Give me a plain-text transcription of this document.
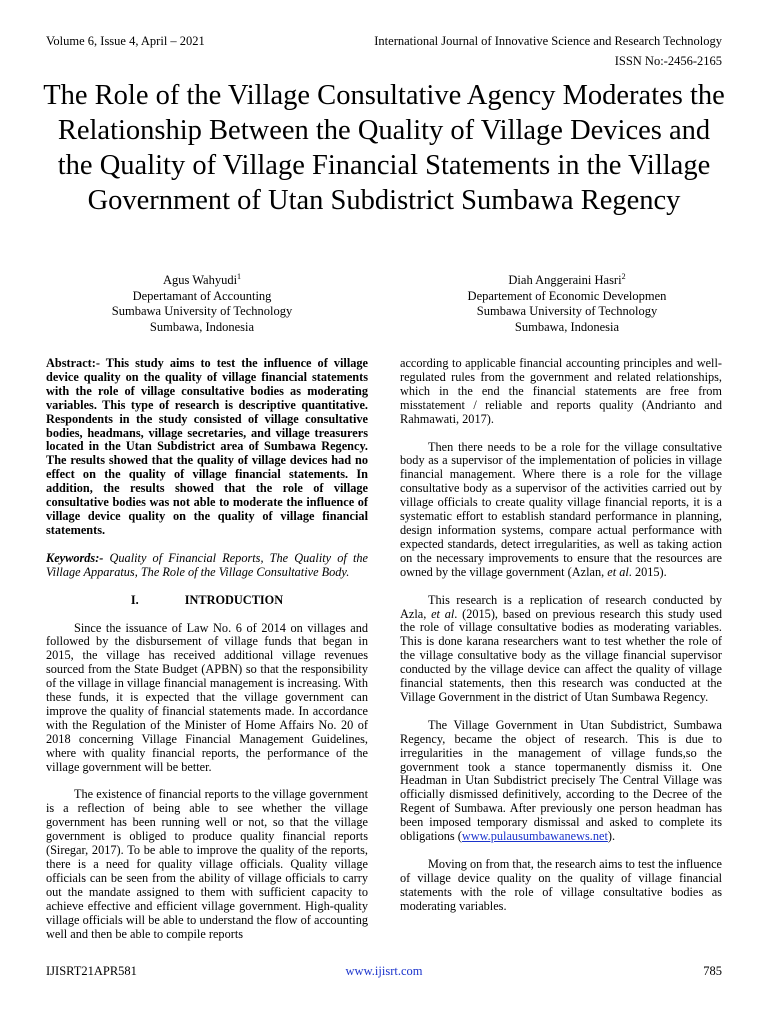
Volume 6, Issue 4, April – 2021	International Journal of Innovative Science and Research Technology
ISSN No:-2456-2165
The Role of the Village Consultative Agency Moderates the Relationship Between the Quality of Village Devices and the Quality of Village Financial Statements in the Village Government of Utan Subdistrict Sumbawa Regency
Agus Wahyudi$^1$
Depertamant of Accounting
Sumbawa University of Technology
Sumbawa, Indonesia
Diah Anggeraini Hasri$^2$
Departement of Economic Developmen
Sumbawa University of Technology
Sumbawa, Indonesia

Abstract:- This study aims to test the influence of village device quality on the quality of village financial statements with the role of village consultative bodies as moderating variables. This type of research is descriptive quantitative. Respondents in the study consisted of village consultative bodies, headmans, village secretaries, and village treasurers located in the Utan Subdistrict area of Sumbawa Regency. The results showed that the quality of village devices had no effect on the quality of village financial statements. In addition, the results showed that the role of village consultative bodies was not able to moderate the influence of village device quality on the quality of village financial statements.

Keywords:- Quality of Financial Reports, The Quality of the Village Apparatus, The Role of the Village Consultative Body.

I.	INTRODUCTION

Since the issuance of Law No. 6 of 2014 on villages and followed by the disbursement of village funds that began in 2015, the village has received additional village revenues sourced from the State Budget (APBN) so that the responsibility of the village in village financial management is increasing. With these funds, it is expected that the village government can improve the quality of financial statements made. In accordance with the Regulation of the Minister of Home Affairs No. 20 of 2018 concerning Village Financial Management Guidelines, where with quality financial reports, the performance of the village government will be better.

The existence of financial reports to the village government is a reflection of being able to see whether the village government has been running well or not, so that the village government is obliged to produce quality financial reports (Siregar, 2017). To be able to improve the quality of the reports, there is a need for quality village officials. Quality village officials can be seen from the ability of village officials to carry out the mandate assigned to them with sufficient capacity to achieve effective and efficient village government. High-quality village officials will be able to understand the flow of accounting well and then be able to compile reports

according to applicable financial accounting principles and well-regulated rules from the government and related relationships, which in the end the financial statements are free from misstatement / reliable and reports quality (Andrianto and Rahmawati, 2017).

Then there needs to be a role for the village consultative body as a supervisor of the implementation of policies in village financial management. Where there is a role for the village consultative body as a supervisor of the activities carried out by village officials to create quality village financial reports, it is a systematic effort to establish standard performance in planning, design information systems, compare actual performance with expected standards, detect irregularities, as well as taking action on the necessary improvements to ensure that the resources are owned by the village government (Azlan, et al. 2015).

This research is a replication of research conducted by Azla, et al. (2015), based on previous research this study used the role of village consultative bodies as moderating variables. This is done karana researchers want to test whether the role of the village consultative body as the village financial supervisor conducted by the village device can affect the quality of village financial statements, then this research was conducted at the Village Government in the district of Utan Sumbawa Regency.

The Village Government in Utan Subdistrict, Sumbawa Regency, became the object of research. This is due to irregularities in the management of village funds,so the government took a stance topermanently dismiss it. One Headman in Utan Subdistrict precisely The Central Village was officially dismissed definitively, according to the Decree of the Regent of Sumbawa. After previously one person headman has been imposed temporary dismissal and asked to complete its obligations (www.pulausumbawanews.net).

Moving on from that, the research aims to test the influence of village device quality on the quality of village financial statements with the role of village consultative bodies as moderating variables.

IJISRT21APR581	www.ijisrt.com	785
